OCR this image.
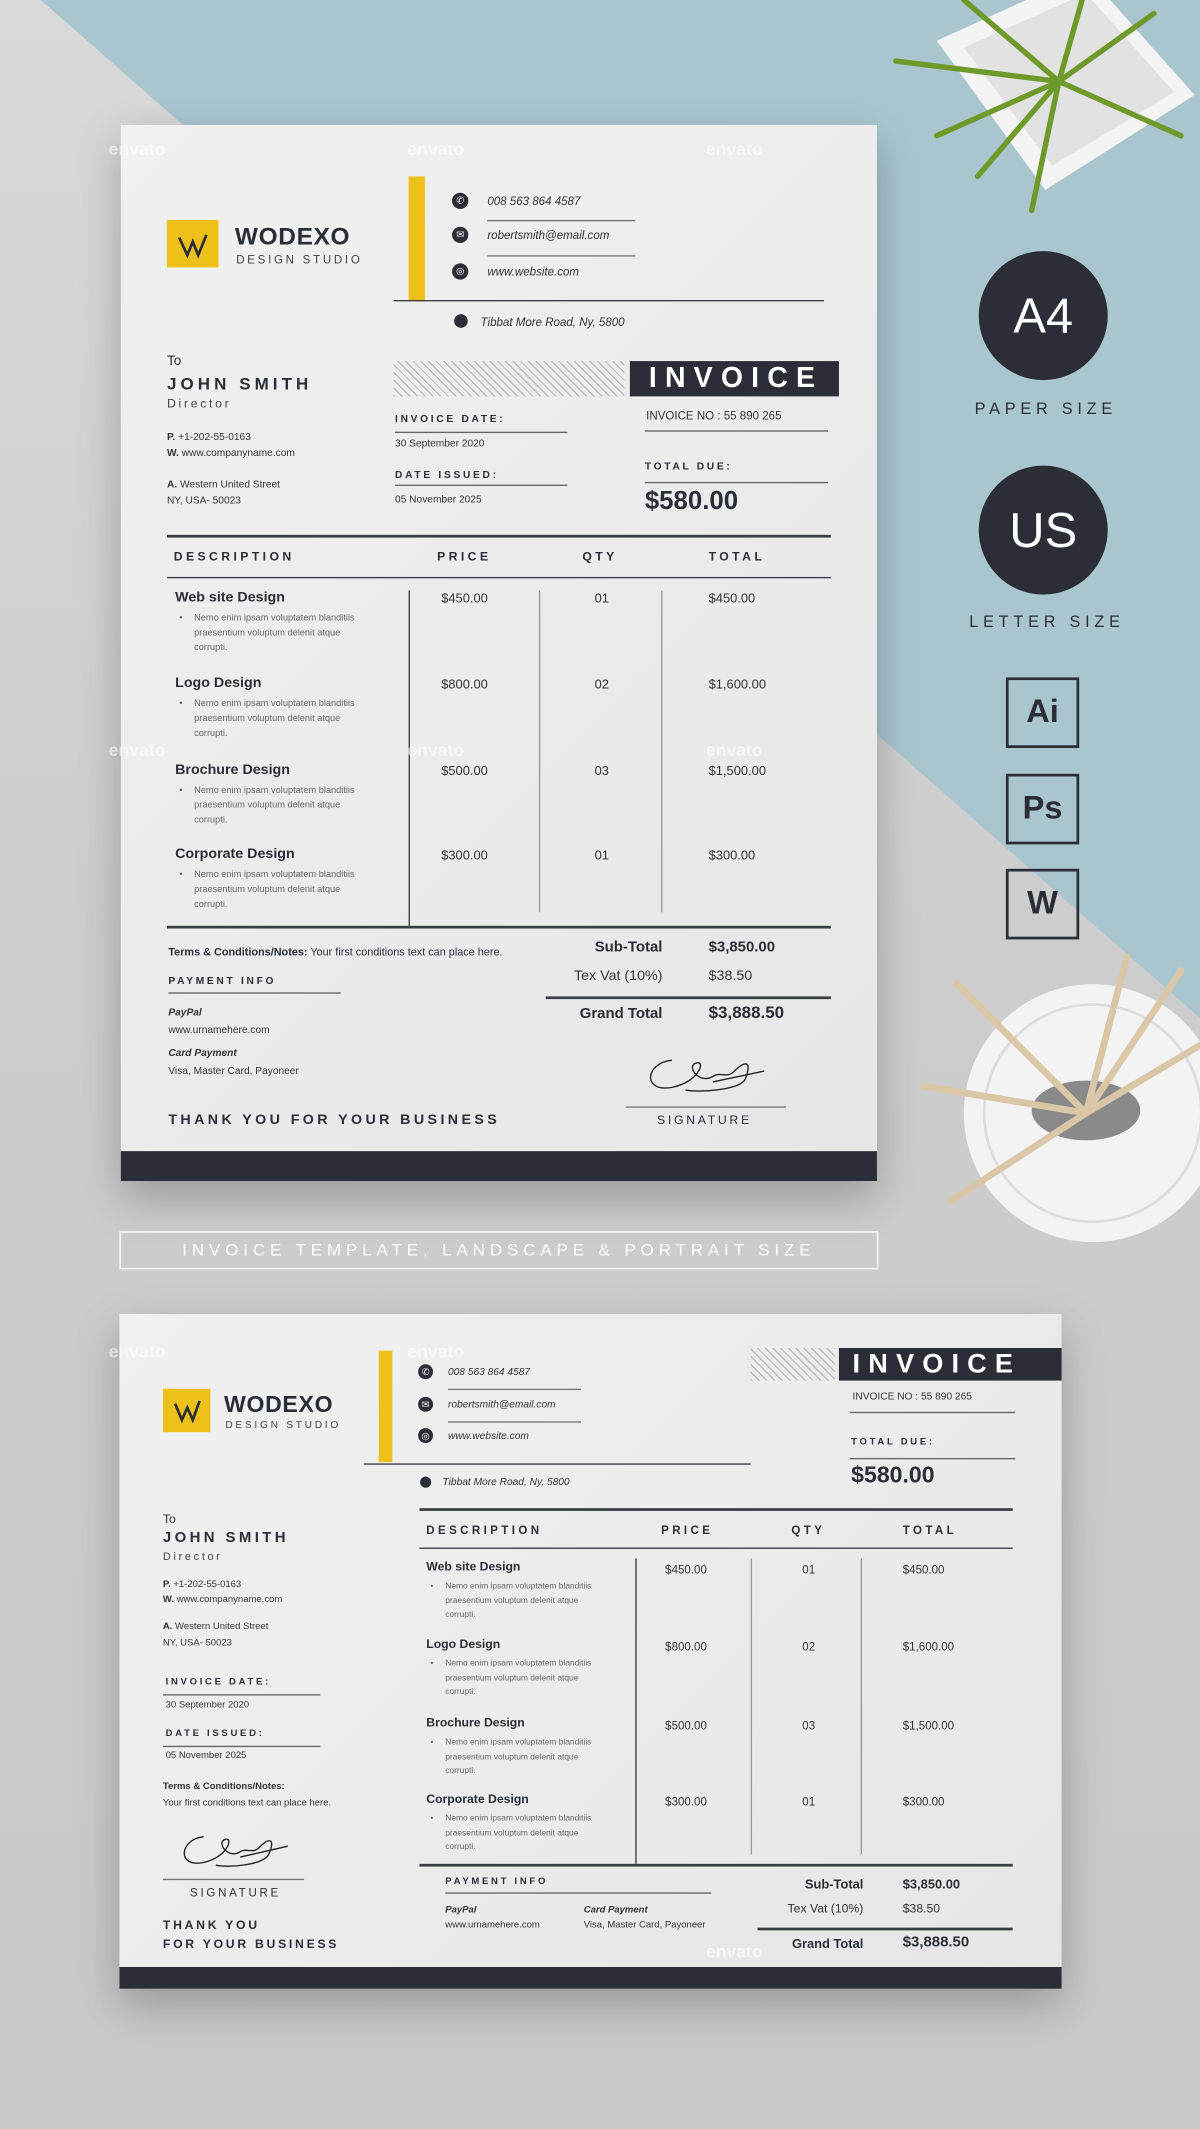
A4
PAPER SIZE
US
LETTER SIZE
Ai
Ps
W
WODEXO
DESIGN STUDIO
✆	008 563 864 4587
✉	robertsmith@email.com
◎	www.website.com
⬤ Tibbat More Road, Ny, 5800
To
JOHN SMITH
Director
P. +1-202-55-0163
W. www.companyname.com
A. Western United Street
NY, USA- 50023
INVOICE
INVOICE DATE:
30 September 2020
DATE ISSUED:
05 November 2025
INVOICE NO : 55 890 265
TOTAL DUE:
$580.00
DESCRIPTION	PRICE	QTY	TOTAL
Web site Design
• Nemo enim ipsam voluptatem blanditiis
praesentium voluptum delenit atque
corrupti.
$450.00	01	$450.00
Logo Design
• Nemo enim ipsam voluptatem blanditiis
praesentium voluptum delenit atque
corrupti.
$800.00	02	$1,600.00
Brochure Design
• Nemo enim ipsam voluptatem blanditiis
praesentium voluptum delenit atque
corrupti.
$500.00	03	$1,500.00
Corporate Design
• Nemo enim ipsam voluptatem blanditiis
praesentium voluptum delenit atque
corrupti.
$300.00	01	$300.00
Terms & Conditions/Notes: Your first conditions text can place here.
PAYMENT INFO
PayPal
www.urnamehere.com
Card Payment
Visa, Master Card, Payoneer
Sub-Total	$3,850.00
Tex Vat (10%)	$38.50
Grand Total	$3,888.50
SIGNATURE
THANK YOU FOR YOUR BUSINESS
INVOICE TEMPLATE, LANDSCAPE & PORTRAIT SIZE
WODEXO
DESIGN STUDIO
✆	008 563 864 4587
✉	robertsmith@email.com
◎	www.website.com
⬤ Tibbat More Road, Ny, 5800
INVOICE
INVOICE NO : 55 890 265
TOTAL DUE:
$580.00
To
JOHN SMITH
Director
P. +1-202-55-0163
W. www.companyname.com
A. Western United Street
NY, USA- 50023
INVOICE DATE:
30 September 2020
DATE ISSUED:
05 November 2025
Terms & Conditions/Notes:
Your first conditions text can place here.
SIGNATURE
THANK YOU
FOR YOUR BUSINESS
DESCRIPTION	PRICE	QTY	TOTAL
Web site Design
• Nemo enim ipsam voluptatem blanditiis
praesentium voluptum delenit atque
corrupti.
$450.00	01	$450.00
Logo Design
• Nemo enim ipsam voluptatem blanditiis
praesentium voluptum delenit atque
corrupti.
$800.00	02	$1,600.00
Brochure Design
• Nemo enim ipsam voluptatem blanditiis
praesentium voluptum delenit atque
corrupti.
$500.00	03	$1,500.00
Corporate Design
• Nemo enim ipsam voluptatem blanditiis
praesentium voluptum delenit atque
corrupti.
$300.00	01	$300.00
PAYMENT INFO
PayPal
www.urnamehere.com
Card Payment
Visa, Master Card, Payoneer
Sub-Total	$3,850.00
Tex Vat (10%)	$38.50
Grand Total	$3,888.50
envato	envato	envato
envato	envato	envato
envato	envato
envato
